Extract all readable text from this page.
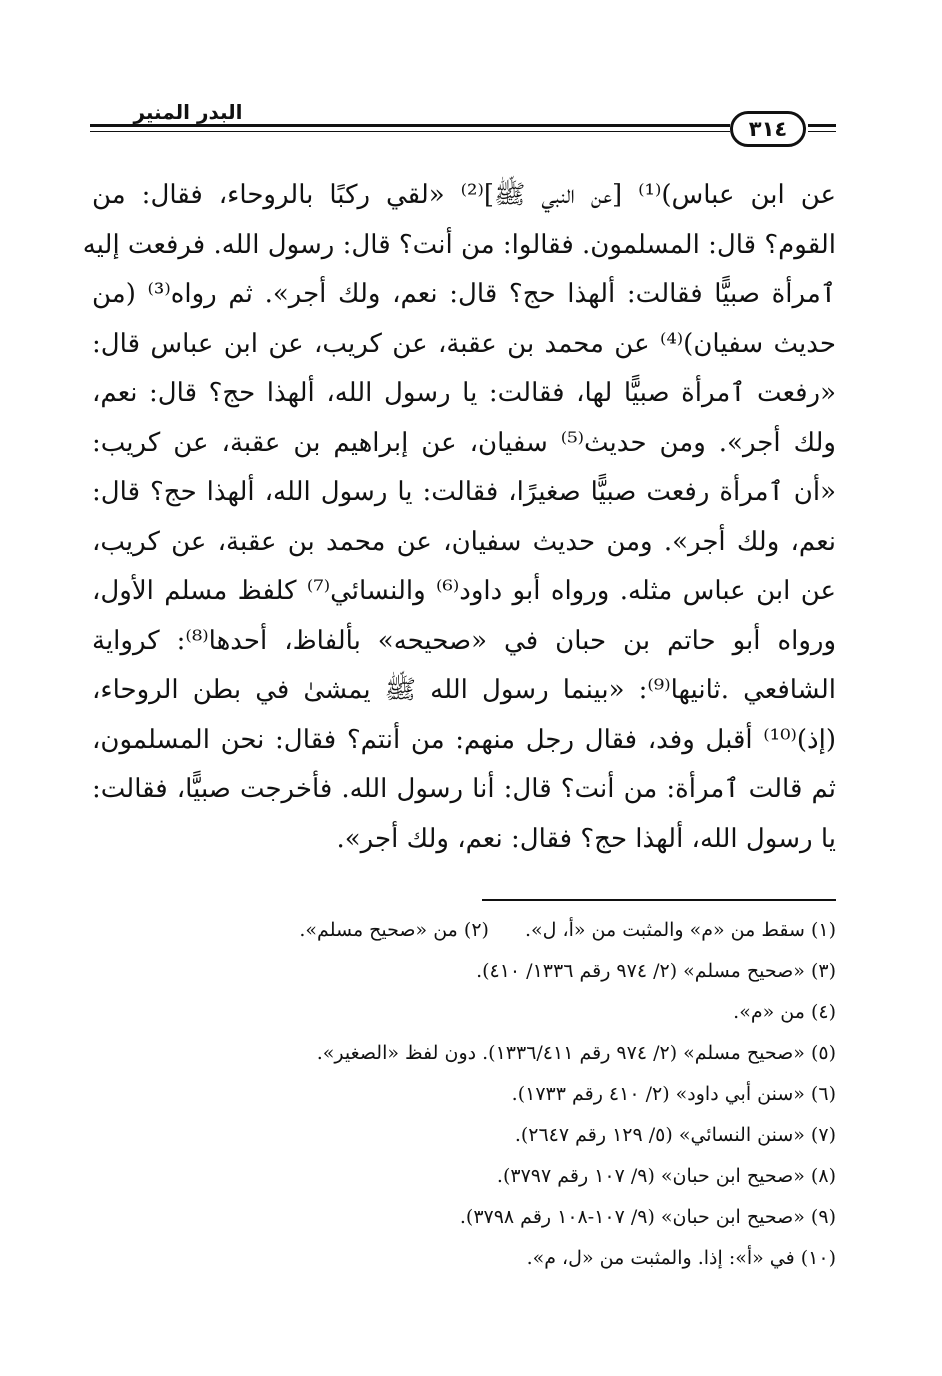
البدر المنير
٣١٤
عن ابن عباس)⁽¹⁾ [عن النبي ﷺ]⁽²⁾ «لقي ركبًا بالروحاء، فقال: من
القوم؟ قال: المسلمون. فقالوا: من أنت؟ قال: رسول الله. فرفعت إليه
ٱمرأة صبيًّا فقالت: ألهذا حج؟ قال: نعم، ولك أجر». ثم رواه⁽³⁾ (من
حديث سفيان)⁽⁴⁾ عن محمد بن عقبة، عن كريب، عن ابن عباس قال:
«رفعت ٱمرأة صبيًّا لها، فقالت: يا رسول الله، ألهذا حج؟ قال: نعم،
ولك أجر». ومن حديث⁽⁵⁾ سفيان، عن إبراهيم بن عقبة، عن كريب:
«أن ٱمرأة رفعت صبيًّا صغيرًا، فقالت: يا رسول الله، ألهذا حج؟ قال:
نعم، ولك أجر». ومن حديث سفيان، عن محمد بن عقبة، عن كريب،
عن ابن عباس مثله. ورواه أبو داود⁽⁶⁾ والنسائي⁽⁷⁾ كلفظ مسلم الأول،
ورواه أبو حاتم بن حبان في «صحيحه» بألفاظ، أحدها⁽⁸⁾: كرواية
الشافعي .ثانيها⁽⁹⁾: «بينما رسول الله ﷺ يمشىٰ في بطن الروحاء،
(إذ)⁽¹⁰⁾ أقبل وفد، فقال رجل منهم: من أنتم؟ فقال: نحن المسلمون،
ثم قالت ٱمرأة: من أنت؟ قال: أنا رسول الله. فأخرجت صبيًّا، فقالت:
يا رسول الله، ألهذا حج؟ فقال: نعم، ولك أجر».
(١) سقط من «م» والمثبت من «أ، ل».(٢) من «صحيح مسلم».
(٣) «صحيح مسلم» (٢/ ٩٧٤ رقم ١٣٣٦/ ٤١٠).
(٤) من «م».
(٥) «صحيح مسلم» (٢/ ٩٧٤ رقم ١٣٣٦/٤١١). دون لفظ «الصغير».
(٦) «سنن أبي داود» (٢/ ٤١٠ رقم ١٧٣٣).
(٧) «سنن النسائي» (٥/ ١٢٩ رقم ٢٦٤٧).
(٨) «صحيح ابن حبان» (٩/ ١٠٧ رقم ٣٧٩٧).
(٩) «صحيح ابن حبان» (٩/ ١٠٧-١٠٨ رقم ٣٧٩٨).
(١٠) في «أ»: إذا. والمثبت من «ل، م».
